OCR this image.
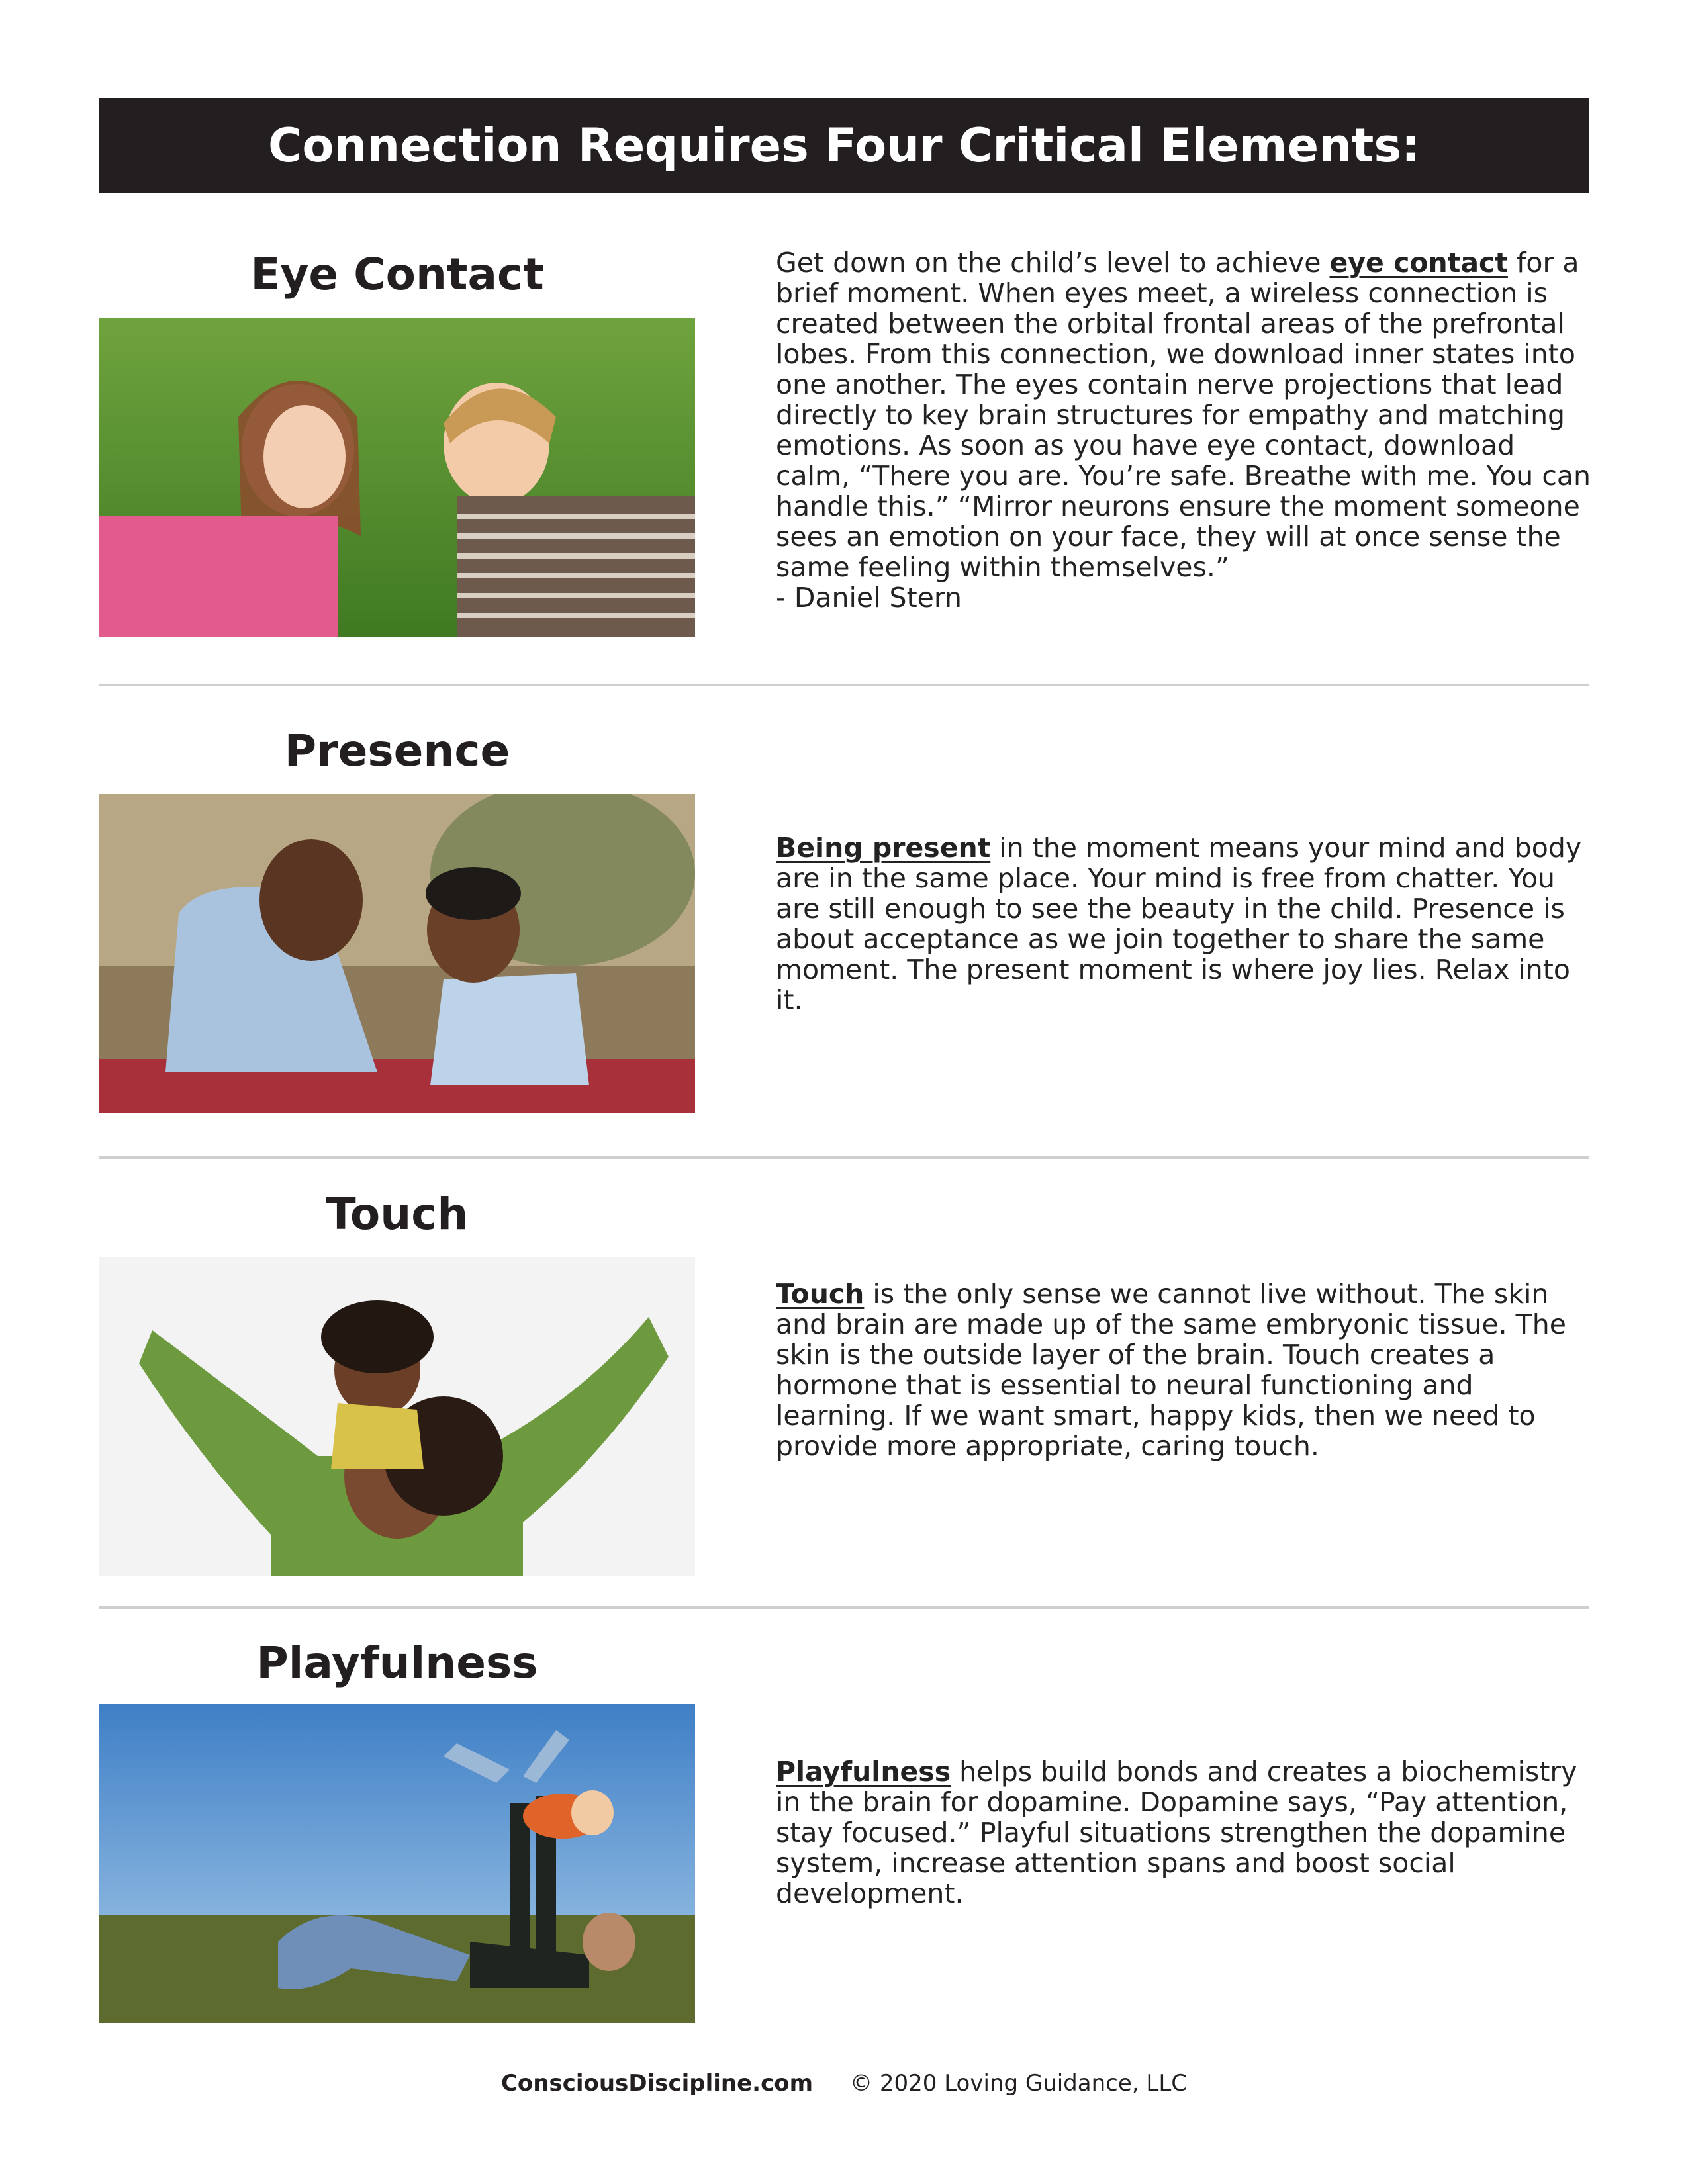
Connection Requires Four Critical Elements:
Eye Contact	Get down on the child’s level to achieve eye contact for a brief moment. When eyes meet, a wireless connection is created between the orbital frontal areas of the prefrontal lobes. From this connection, we download inner states into one another. The eyes contain nerve projections that lead directly to key brain structures for empathy and matching emotions. As soon as you have eye contact, download calm, “There you are. You’re safe. Breathe with me. You can handle this.” “Mirror neurons ensure the moment someone sees an emotion on your face, they will at once sense the same feeling within themselves.”
- Daniel Stern

Presence

Being present in the moment means your mind and body are in the same place. Your mind is free from chatter. You are still enough to see the beauty in the child. Presence is about acceptance as we join together to share the same moment. The present moment is where joy lies. Relax into it.

Touch

Touch is the only sense we cannot live without. The skin and brain are made up of the same embryonic tissue. The skin is the outside layer of the brain. Touch creates a hormone that is essential to neural functioning and learning. If we want smart, happy kids, then we need to provide more appropriate, caring touch.

Playfulness

Playfulness helps build bonds and creates a biochemistry in the brain for dopamine. Dopamine says, “Pay attention, stay focused.” Playful situations strengthen the dopamine system, increase attention spans and boost social development.

ConsciousDiscipline.com © 2020 Loving Guidance, LLC
